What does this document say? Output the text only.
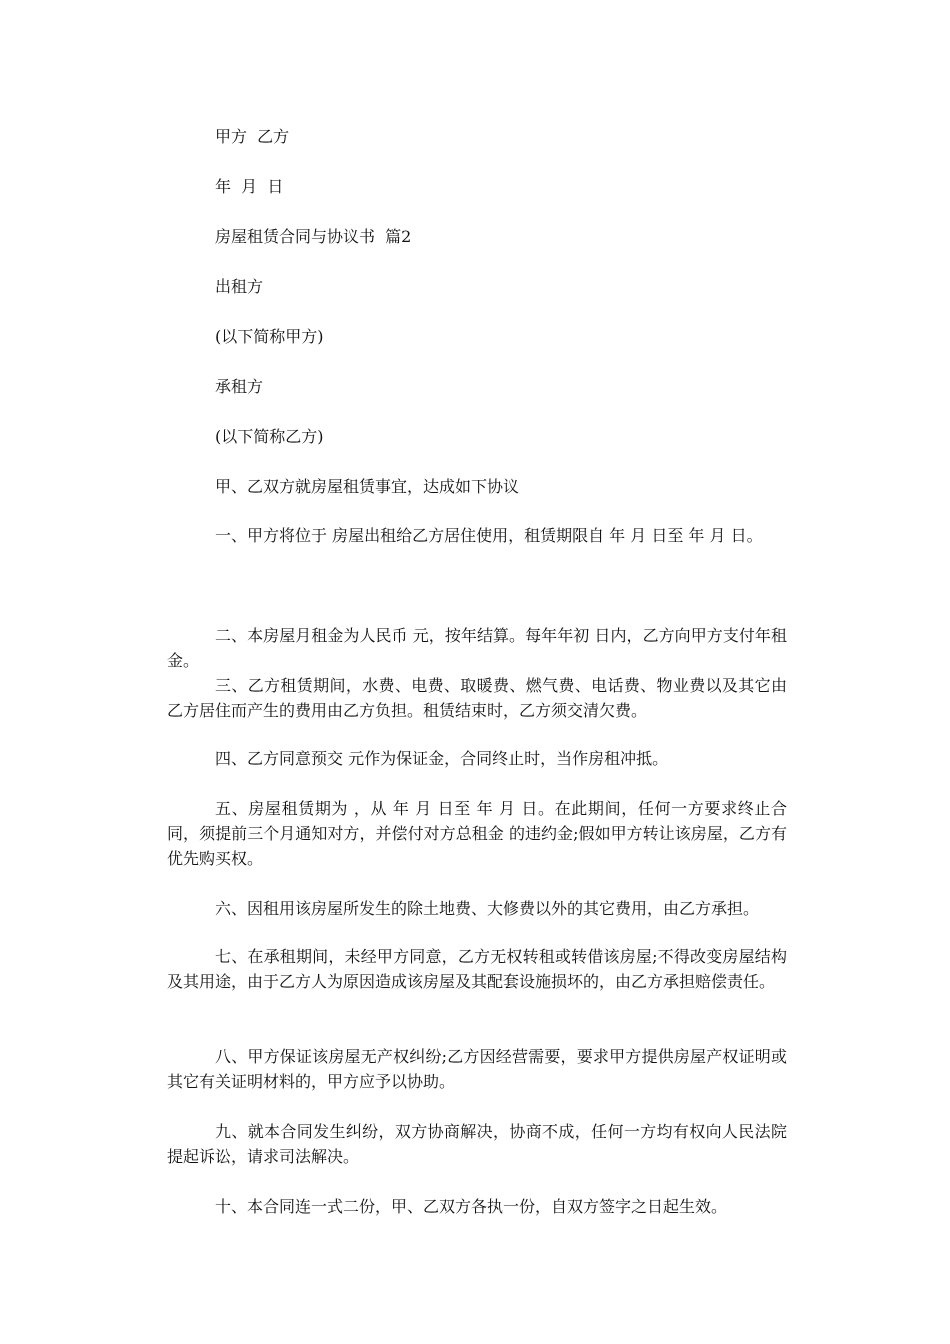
甲方  乙方
年  月  日
房屋租赁合同与协议书  篇2
出租方
(以下简称甲方)
承租方
(以下简称乙方)
甲、乙双方就房屋租赁事宜，达成如下协议
一、甲方将位于 房屋出租给乙方居住使用，租赁期限自 年 月 日至 年 月 日。
二、本房屋月租金为人民币 元，按年结算。每年年初 日内，乙方向甲方支付年租金。
三、乙方租赁期间，水费、电费、取暖费、燃气费、电话费、物业费以及其它由乙方居住而产生的费用由乙方负担。租赁结束时，乙方须交清欠费。
四、乙方同意预交 元作为保证金，合同终止时，当作房租冲抵。
五、房屋租赁期为 ，从 年 月 日至 年 月 日。在此期间，任何一方要求终止合同，须提前三个月通知对方，并偿付对方总租金 的违约金;假如甲方转让该房屋，乙方有优先购买权。
六、因租用该房屋所发生的除土地费、大修费以外的其它费用，由乙方承担。
七、在承租期间，未经甲方同意，乙方无权转租或转借该房屋;不得改变房屋结构及其用途，由于乙方人为原因造成该房屋及其配套设施损坏的，由乙方承担赔偿责任。
八、甲方保证该房屋无产权纠纷;乙方因经营需要，要求甲方提供房屋产权证明或其它有关证明材料的，甲方应予以协助。
九、就本合同发生纠纷，双方协商解决，协商不成，任何一方均有权向人民法院提起诉讼，请求司法解决。
十、本合同连一式二份，甲、乙双方各执一份，自双方签字之日起生效。
